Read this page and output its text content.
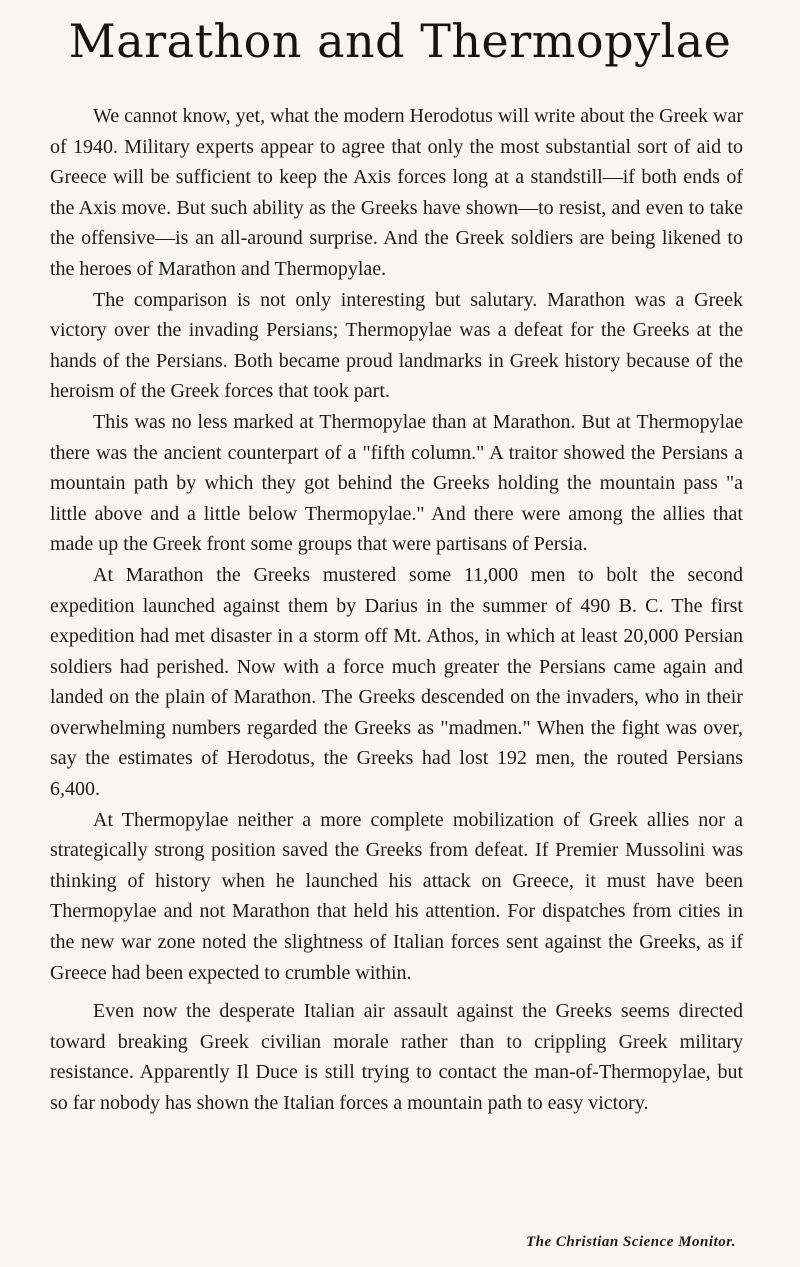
Marathon and Thermopylae

We cannot know, yet, what the modern Herodotus will write about the Greek war of 1940. Military experts appear to agree that only the most substantial sort of aid to Greece will be sufficient to keep the Axis forces long at a standstill—if both ends of the Axis move. But such ability as the Greeks have shown—to resist, and even to take the offensive—is an all-around surprise. And the Greek soldiers are being likened to the heroes of Marathon and Thermopylae.

The comparison is not only interesting but salutary. Marathon was a Greek victory over the invading Persians; Thermopylae was a defeat for the Greeks at the hands of the Persians. Both became proud landmarks in Greek history because of the heroism of the Greek forces that took part.

This was no less marked at Thermopylae than at Marathon. But at Thermopylae there was the ancient counterpart of a "fifth column." A traitor showed the Persians a mountain path by which they got behind the Greeks holding the mountain pass "a little above and a little below Thermopylae." And there were among the allies that made up the Greek front some groups that were partisans of Persia.

At Marathon the Greeks mustered some 11,000 men to bolt the second expedition launched against them by Darius in the summer of 490 B. C. The first expedition had met disaster in a storm off Mt. Athos, in which at least 20,000 Persian soldiers had perished. Now with a force much greater the Persians came again and landed on the plain of Marathon. The Greeks descended on the invaders, who in their overwhelming numbers regarded the Greeks as "madmen." When the fight was over, say the estimates of Herodotus, the Greeks had lost 192 men, the routed Persians 6,400.

At Thermopylae neither a more complete mobilization of Greek allies nor a strategically strong position saved the Greeks from defeat. If Premier Mussolini was thinking of history when he launched his attack on Greece, it must have been Thermopylae and not Marathon that held his attention. For dispatches from cities in the new war zone noted the slightness of Italian forces sent against the Greeks, as if Greece had been expected to crumble within.

Even now the desperate Italian air assault against the Greeks seems directed toward breaking Greek civilian morale rather than to crippling Greek military resistance. Apparently Il Duce is still trying to contact the man-of-Thermopylae, but so far nobody has shown the Italian forces a mountain path to easy victory.

The Christian Science Monitor.
